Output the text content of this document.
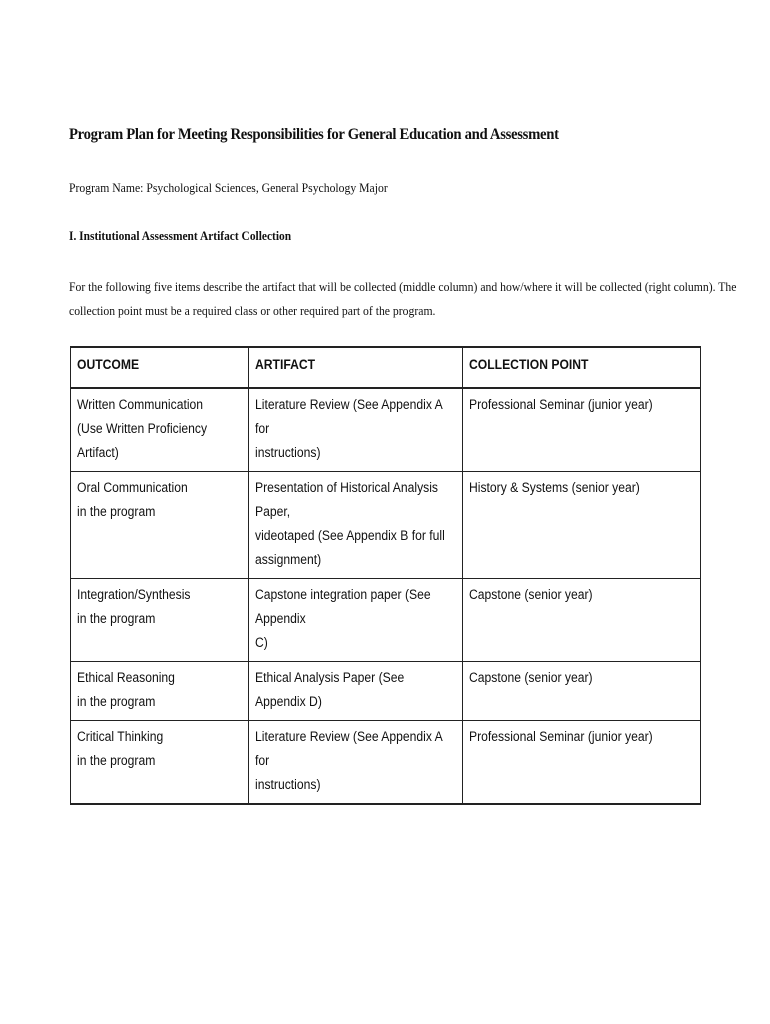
Program Plan for Meeting Responsibilities for General Education and Assessment
Program Name: Psychological Sciences, General Psychology Major
I. Institutional Assessment Artifact Collection
For the following five items describe the artifact that will be collected (middle column) and how/where it will be collected (right column). The
collection point must be a required class or other required part of the program.
OUTCOME	ARTIFACT	COLLECTION POINT

Written Communication
(Use Written Proficiency Artifact)	Literature Review (See Appendix A for
instructions)	Professional Seminar (junior year)

Oral Communication
in the program	Presentation of Historical Analysis Paper,
videotaped (See Appendix B for full
assignment)	History & Systems (senior year)

Integration/Synthesis
in the program	Capstone integration paper (See Appendix
C)	Capstone (senior year)

Ethical Reasoning
in the program	Ethical Analysis Paper (See Appendix D)	Capstone (senior year)

Critical Thinking
in the program	Literature Review (See Appendix A for
instructions)	Professional Seminar (junior year)
